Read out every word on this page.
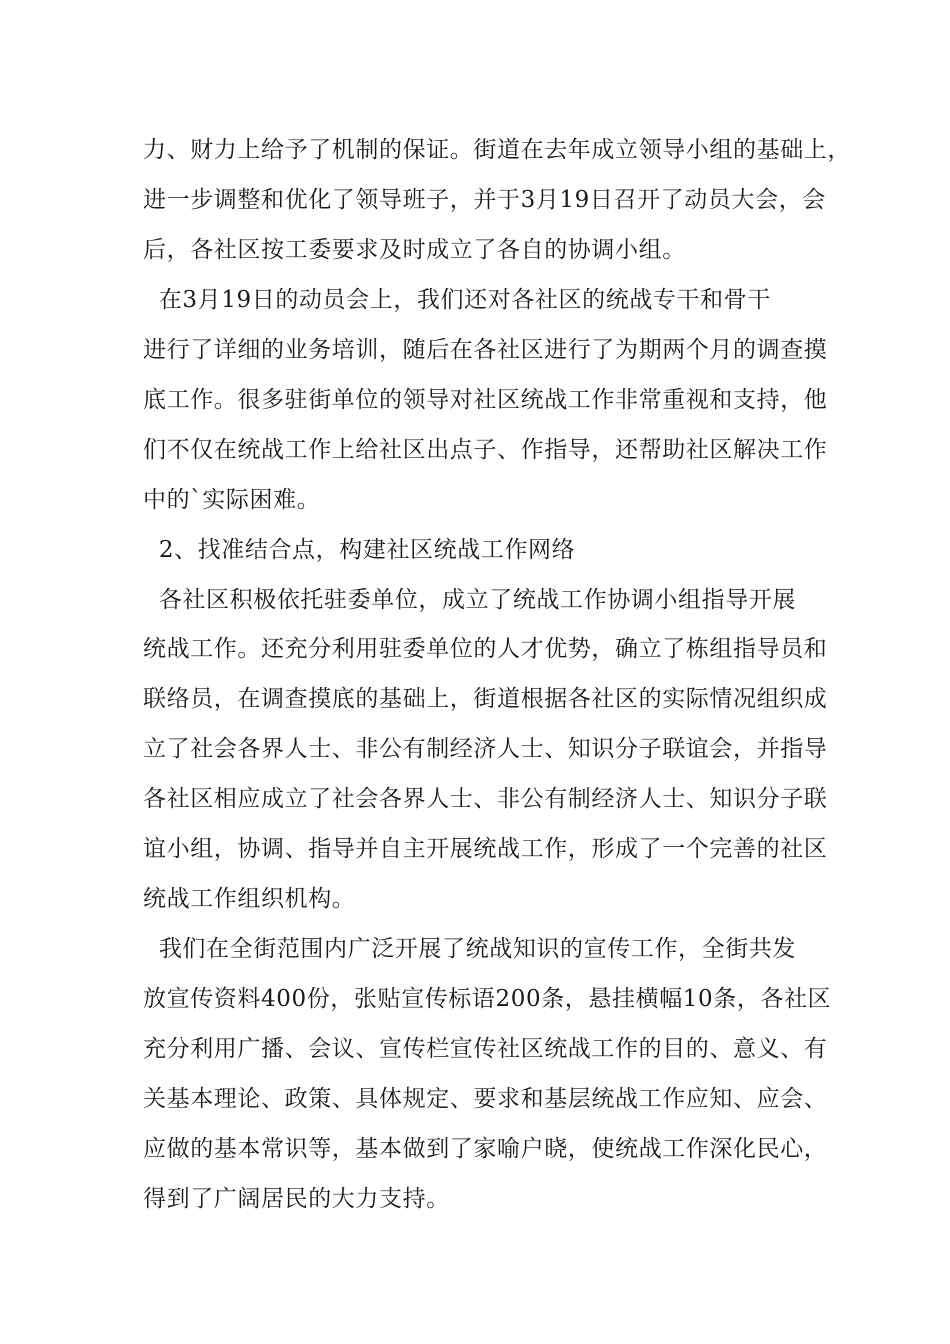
力、财力上给予了机制的保证。街道在去年成立领导小组的基础上，

进一步调整和优化了领导班子，并于3月19日召开了动员大会，会

后，各社区按工委要求及时成立了各自的协调小组。

在3月19日的动员会上，我们还对各社区的统战专干和骨干

进行了详细的业务培训，随后在各社区进行了为期两个月的调查摸

底工作。很多驻街单位的领导对社区统战工作非常重视和支持，他

们不仅在统战工作上给社区出点子、作指导，还帮助社区解决工作

中的`实际困难。

2、找准结合点，构建社区统战工作网络

各社区积极依托驻委单位，成立了统战工作协调小组指导开展

统战工作。还充分利用驻委单位的人才优势，确立了栋组指导员和

联络员，在调查摸底的基础上，街道根据各社区的实际情况组织成

立了社会各界人士、非公有制经济人士、知识分子联谊会，并指导

各社区相应成立了社会各界人士、非公有制经济人士、知识分子联

谊小组，协调、指导并自主开展统战工作，形成了一个完善的社区

统战工作组织机构。

我们在全街范围内广泛开展了统战知识的宣传工作，全街共发

放宣传资料400份，张贴宣传标语200条，悬挂横幅10条，各社区

充分利用广播、会议、宣传栏宣传社区统战工作的目的、意义、有

关基本理论、政策、具体规定、要求和基层统战工作应知、应会、

应做的基本常识等，基本做到了家喻户晓，使统战工作深化民心，

得到了广阔居民的大力支持。
